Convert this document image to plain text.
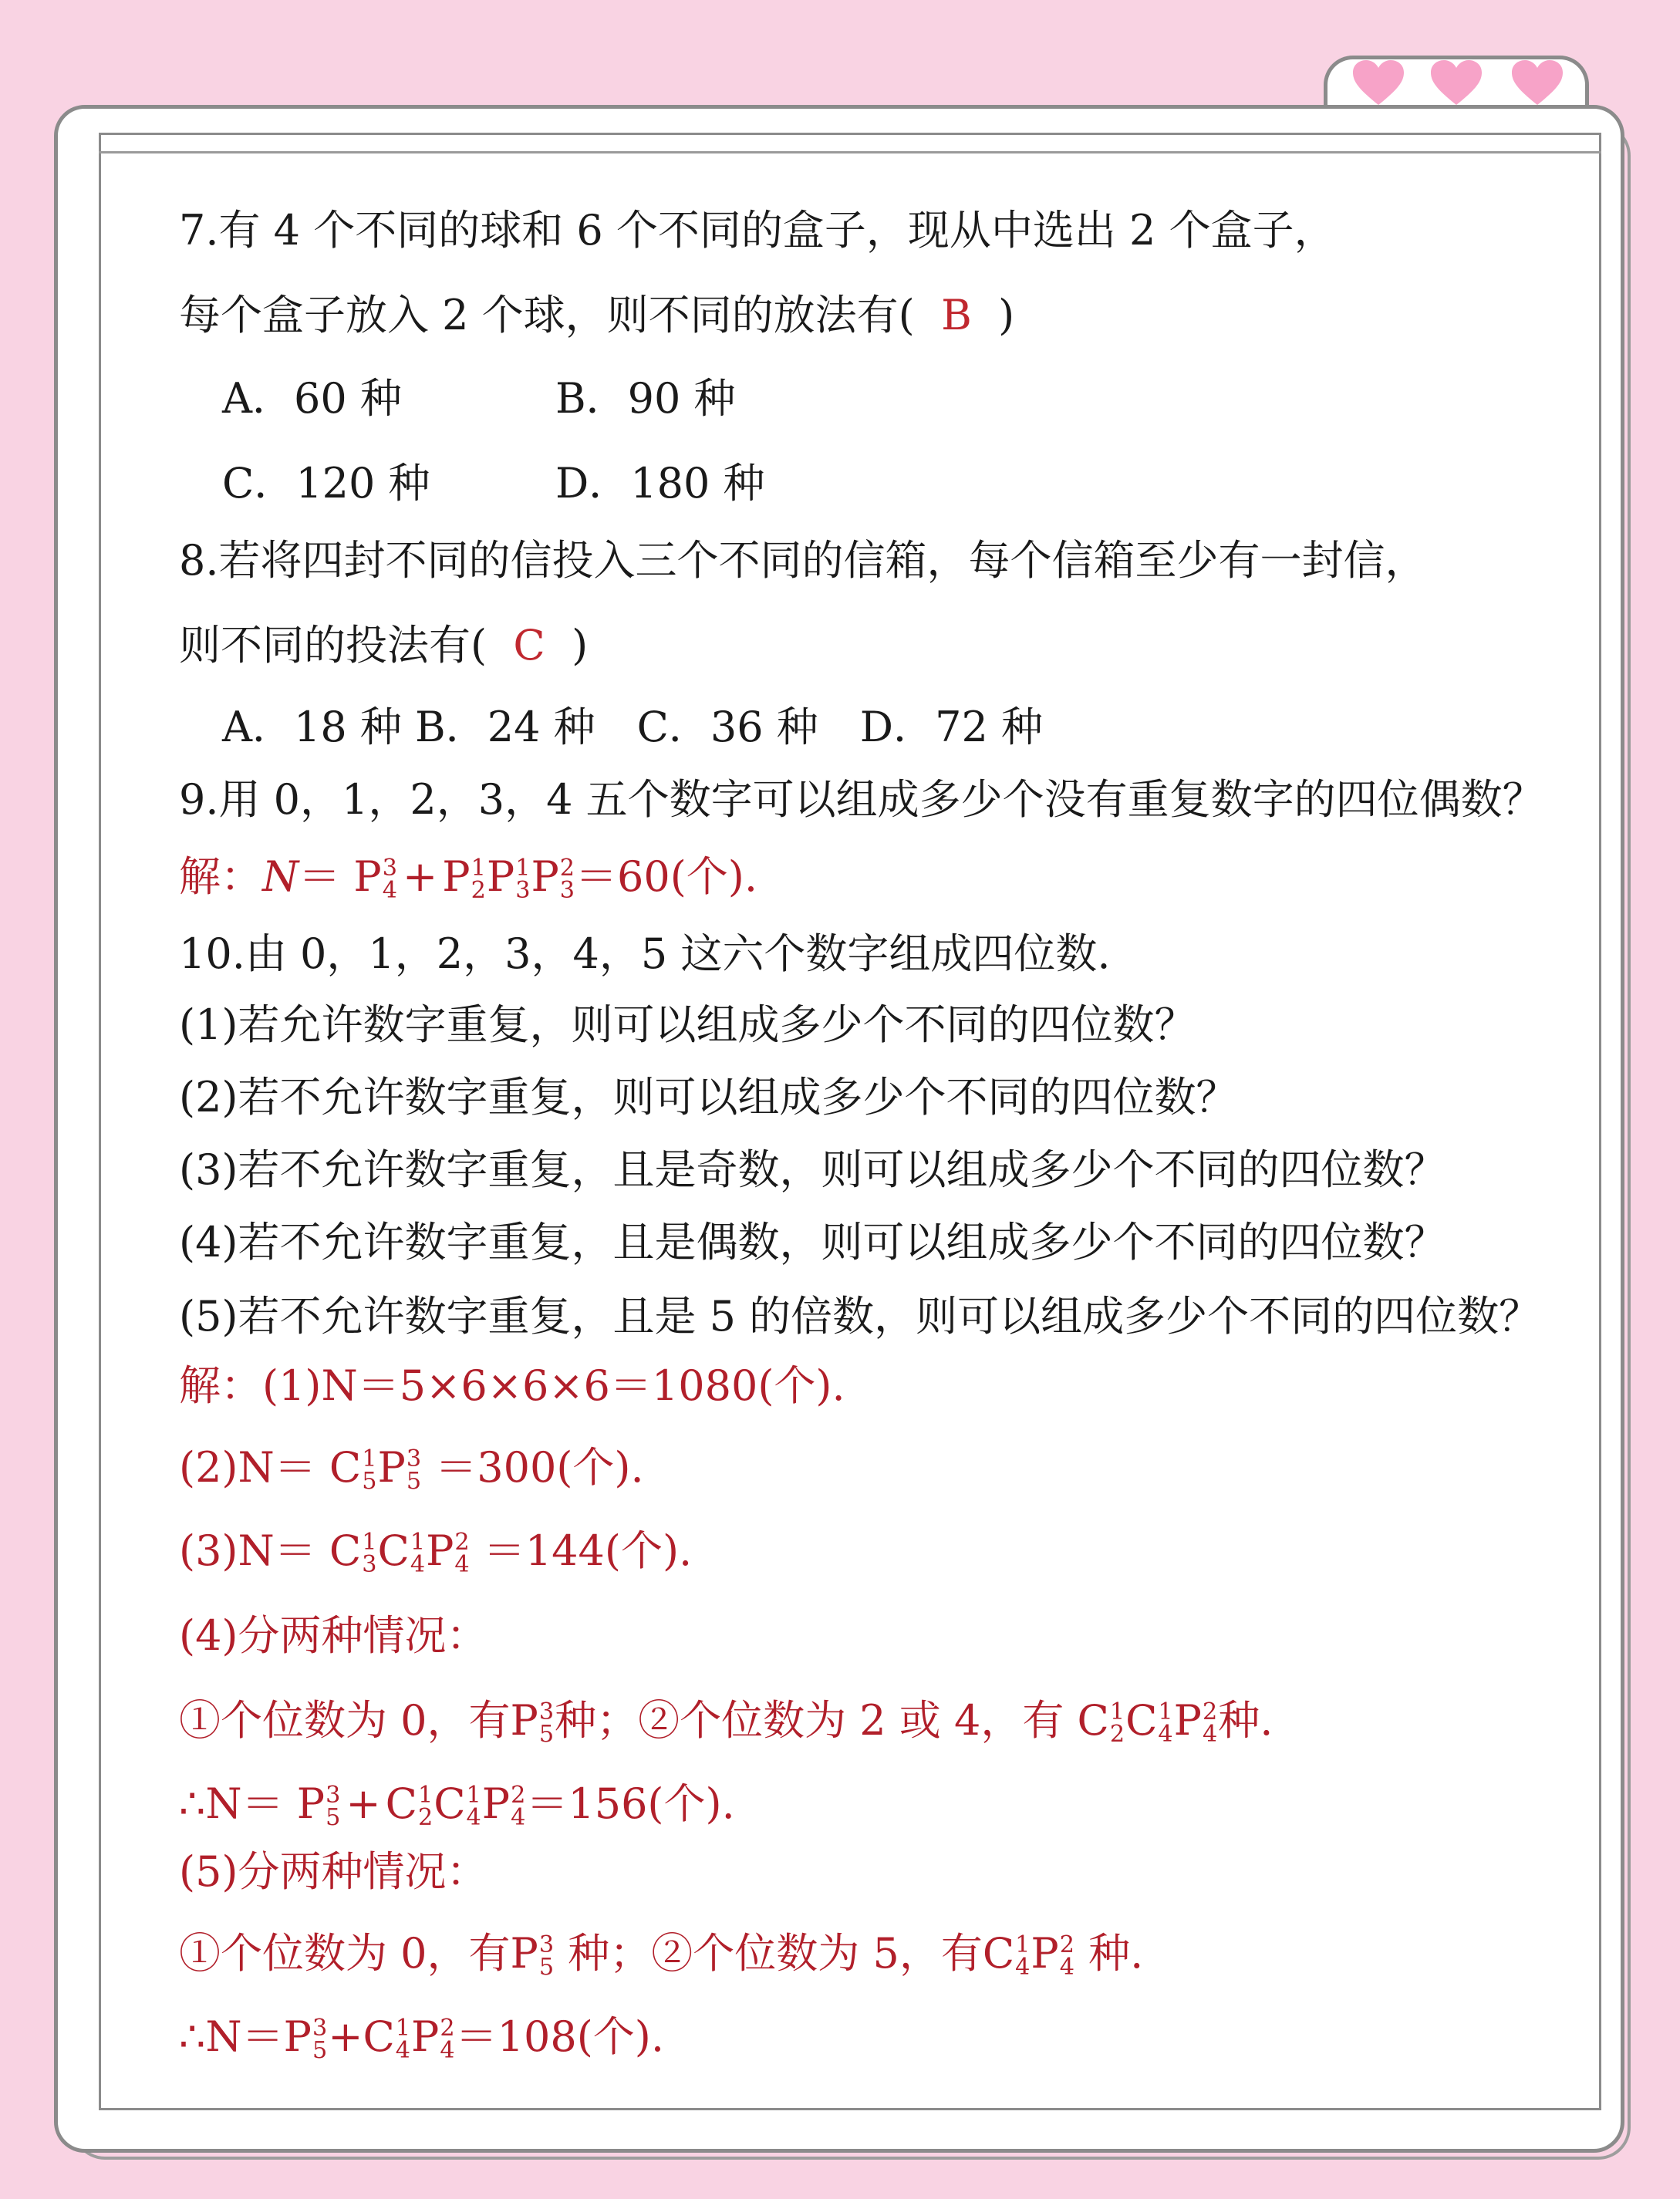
7.有 4 个不同的球和 6 个不同的盒子，现从中选出 2 个盒子，
每个盒子放入 2 个球，则不同的放法有( B )
A．60 种	B．90 种
C．120 种	D．180 种
8.若将四封不同的信投入三个不同的信箱，每个信箱至少有一封信，
则不同的投法有( C )
A．18 种 B．24 种　C．36 种　D．72 种
9.用 0，1，2，3，4 五个数字可以组成多少个没有重复数字的四位偶数？
解：N＝ P 3
4 + P 1
2 P 1
3 P 2
3 ＝60(个).
10.由 0，1，2，3，4，5 这六个数字组成四位数.
(1)若允许数字重复，则可以组成多少个不同的四位数？
(2)若不允许数字重复，则可以组成多少个不同的四位数？
(3)若不允许数字重复，且是奇数，则可以组成多少个不同的四位数？
(4)若不允许数字重复，且是偶数，则可以组成多少个不同的四位数？
(5)若不允许数字重复，且是 5 的倍数，则可以组成多少个不同的四位数？
解：(1)N＝5×6×6×6＝1080(个).
(2)N＝ C 1
5 P 3
5 ＝300(个).
(3)N＝ C 1
3 C 1
4 P 2
4 ＝144(个).
(4)分两种情况：
①个位数为 0，有P 3
5 种；②个位数为 2 或 4，有 C 1
2 C 1
4 P 2
4 种.
∴N＝ P 3
5 + C 1
2 C 1
4 P 2
4 ＝156(个).
(5)分两种情况：
①个位数为 0，有P 3
5 种；②个位数为 5，有C 1
4 P 2
4 种.
∴N＝P 3
5 +C 1
4 P 2
4 ＝108(个).
